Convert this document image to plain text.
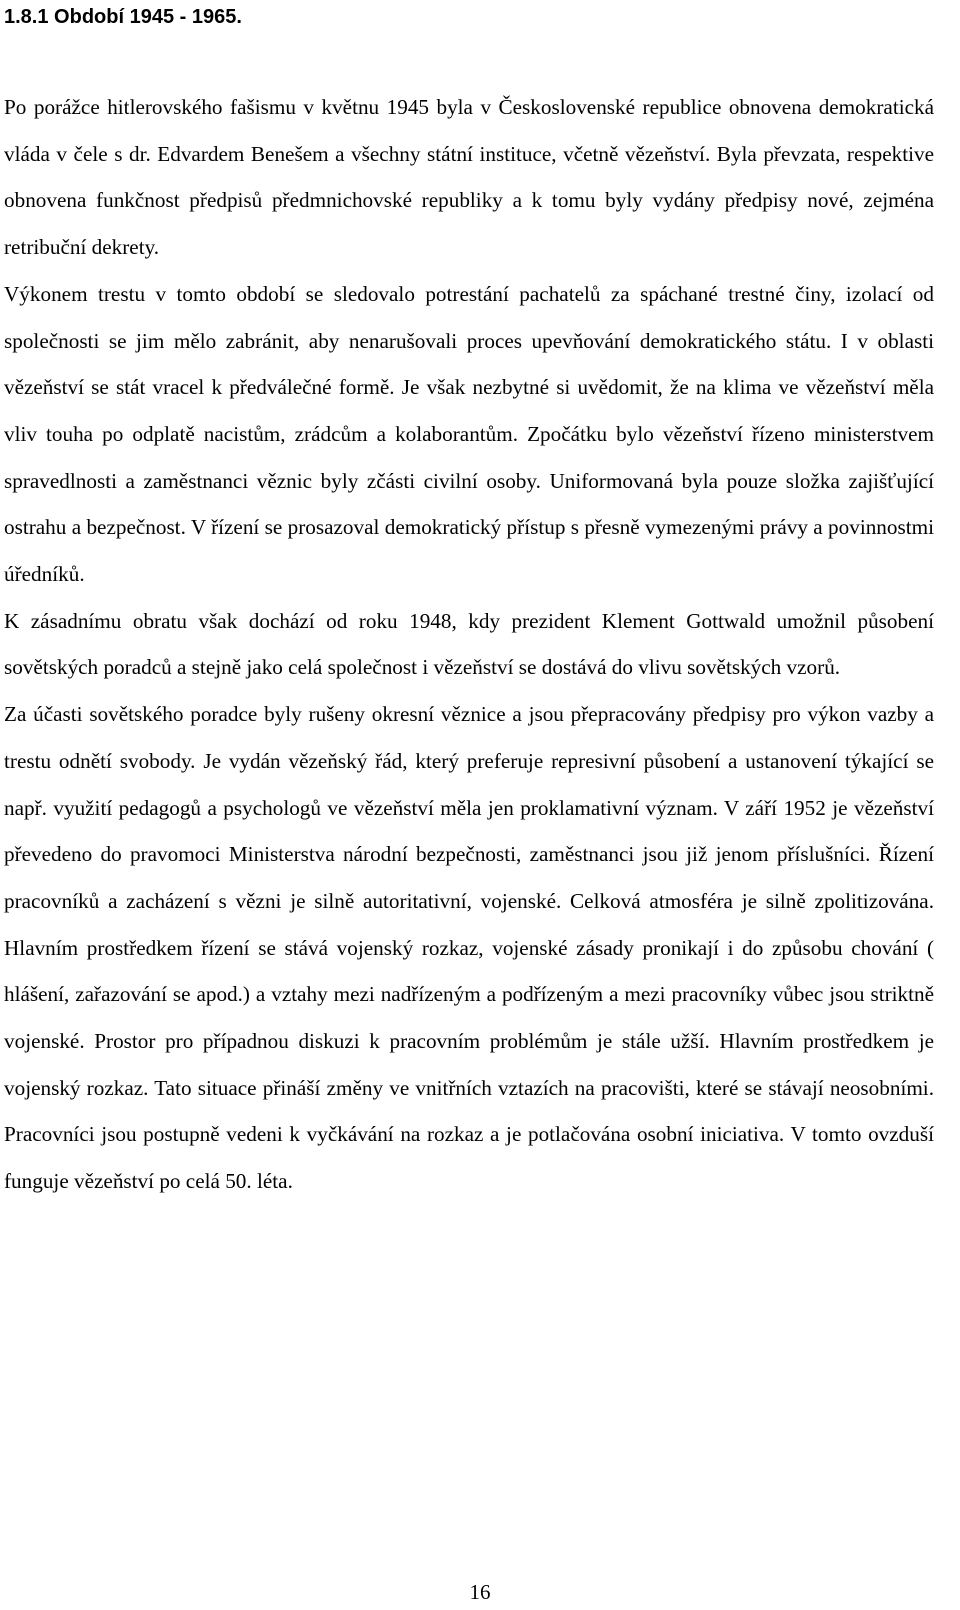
1.8.1 Období 1945 - 1965.

Po porážce hitlerovského fašismu v květnu 1945 byla v Československé republice obnovena demokratická vláda v čele s dr. Edvardem Benešem a všechny státní instituce, včetně vězeňství. Byla převzata, respektive obnovena funkčnost předpisů předmnichovské republiky a k tomu byly vydány předpisy nové, zejména retribuční dekrety.

Výkonem trestu v tomto období se sledovalo potrestání pachatelů za spáchané trestné činy, izolací od společnosti se jim mělo zabránit, aby nenarušovali proces upevňování demokratického státu. I v oblasti vězeňství se stát vracel k předválečné formě. Je však nezbytné si uvědomit, že na klima ve vězeňství měla vliv touha po odplatě nacistům, zrádcům a kolaborantům. Zpočátku bylo vězeňství řízeno ministerstvem spravedlnosti a zaměstnanci věznic byly zčásti civilní osoby. Uniformovaná byla pouze složka zajišťující ostrahu a bezpečnost. V řízení se prosazoval demokratický přístup s přesně vymezenými právy a povinnostmi úředníků.

K zásadnímu obratu však dochází od roku 1948, kdy prezident Klement Gottwald umožnil působení sovětských poradců a stejně jako celá společnost i vězeňství se dostává do vlivu sovětských vzorů.

Za účasti sovětského poradce byly rušeny okresní věznice a jsou přepracovány předpisy pro výkon vazby a trestu odnětí svobody. Je vydán vězeňský řád, který preferuje represivní působení a ustanovení týkající se např. využití pedagogů a psychologů ve vězeňství měla jen proklamativní význam. V září 1952 je vězeňství převedeno do pravomoci Ministerstva národní bezpečnosti, zaměstnanci jsou již jenom příslušníci. Řízení pracovníků a zacházení s vězni je silně autoritativní, vojenské. Celková atmosféra je silně zpolitizována. Hlavním prostředkem řízení se stává vojenský rozkaz, vojenské zásady pronikají i do způsobu chování ( hlášení, zařazování se apod.) a vztahy mezi nadřízeným a podřízeným a mezi pracovníky vůbec jsou striktně vojenské. Prostor pro případnou diskuzi k pracovním problémům je stále užší. Hlavním prostředkem je vojenský rozkaz. Tato situace přináší změny ve vnitřních vztazích na pracovišti, které se stávají neosobními. Pracovníci jsou postupně vedeni k vyčkávání na rozkaz a je potlačována osobní iniciativa. V tomto ovzduší funguje vězeňství po celá 50. léta.

16
